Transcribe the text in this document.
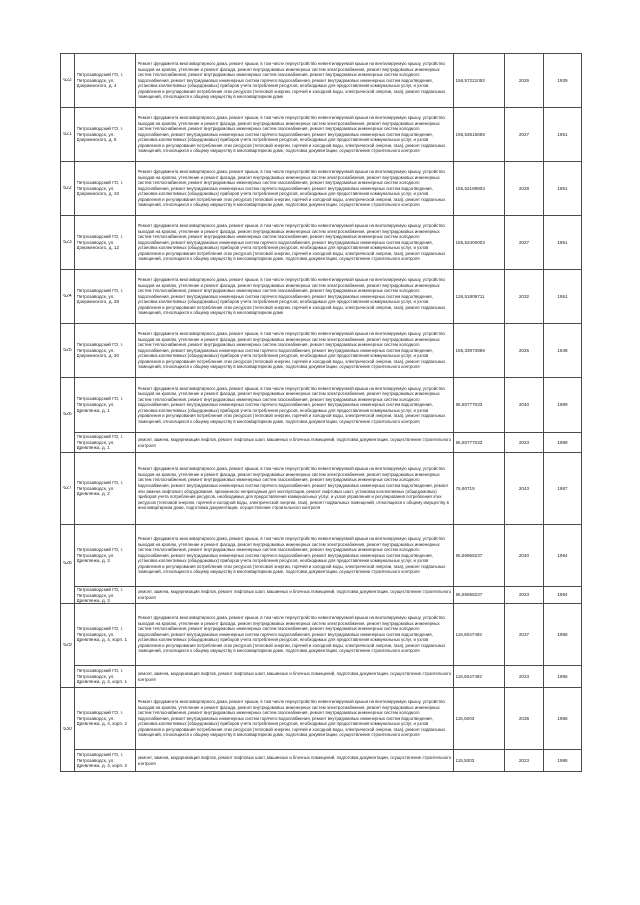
622	Петрозаводский ГО, г. Петрозаводск, ул. Дзержинского, д. 4	Ремонт фундамента многоквартирного дома, ремонт крыши, в том числе переустройство невентилируемой крыши на вентилируемую крышу, устройство выходов на кровлю, утепление и ремонт фасада, ремонт внутридомовых инженерных систем электроснабжения, ремонт внутридомовых инженерных систем теплоснабжения, ремонт внутридомовых инженерных систем газоснабжения, ремонт внутридомовых инженерных систем холодного водоснабжения, ремонт внутридомовых инженерных систем горячего водоснабжения, ремонт внутридомовых инженерных систем водоотведения, установка коллективных (общедомовых) приборов учета потребления ресурсов, необходимых для предоставления коммунальных услуг, и узлов управления и регулирования потребления этих ресурсов (тепловой энергии, горячей и холодной воды, электрической энергии, газа), ремонт подвальных помещений, относящихся к общему имуществу в многоквартирном доме	156,57221092	2026	1939

621	Петрозаводский ГО, г. Петрозаводск, ул. Дзержинского, д. 6	Ремонт фундамента многоквартирного дома, ремонт крыши, в том числе переустройство невентилируемой крыши на вентилируемую крышу, устройство выходов на кровлю, утепление и ремонт фасада, ремонт внутридомовых инженерных систем электроснабжения, ремонт внутридомовых инженерных систем теплоснабжения, ремонт внутридомовых инженерных систем газоснабжения, ремонт внутридомовых инженерных систем холодного водоснабжения, ремонт внутридомовых инженерных систем горячего водоснабжения, ремонт внутридомовых инженерных систем водоотведения, установка коллективных (общедомовых) приборов учета потребления ресурсов, необходимых для предоставления коммунальных услуг, и узлов управления и регулирования потребления этих ресурсов (тепловой энергии, горячей и холодной воды, электрической энергии, газа), ремонт подвальных помещений, относящихся к общему имуществу в многоквартирном доме, подготовка документации, осуществление строительного контроля	156,53616659	2027	1951

622	Петрозаводский ГО, г. Петрозаводск, ул. Дзержинского, д. 10	Ремонт фундамента многоквартирного дома, ремонт крыши, в том числе переустройство невентилируемой крыши на вентилируемую крышу, устройство выходов на кровлю, утепление и ремонт фасада, ремонт внутридомовых инженерных систем электроснабжения, ремонт внутридомовых инженерных систем теплоснабжения, ремонт внутридомовых инженерных систем газоснабжения, ремонт внутридомовых инженерных систем холодного водоснабжения, ремонт внутридомовых инженерных систем горячего водоснабжения, ремонт внутридомовых инженерных систем водоотведения, установка коллективных (общедомовых) приборов учета потребления ресурсов, необходимых для предоставления коммунальных услуг, и узлов управления и регулирования потребления этих ресурсов (тепловой энергии, горячей и холодной воды, электрической энергии, газа), ремонт подвальных помещений, относящихся к общему имуществу в многоквартирном доме, подготовка документации, осуществление строительного контроля	156,52189803	2028	1951

623	Петрозаводский ГО, г. Петрозаводск, ул. Дзержинского, д. 12	Ремонт фундамента многоквартирного дома, ремонт крыши, в том числе переустройство невентилируемой крыши на вентилируемую крышу, устройство выходов на кровлю, утепление и ремонт фасада, ремонт внутридомовых инженерных систем электроснабжения, ремонт внутридомовых инженерных систем теплоснабжения, ремонт внутридомовых инженерных систем газоснабжения, ремонт внутридомовых инженерных систем холодного водоснабжения, ремонт внутридомовых инженерных систем горячего водоснабжения, ремонт внутридомовых инженерных систем водоотведения, установка коллективных (общедомовых) приборов учета потребления ресурсов, необходимых для предоставления коммунальных услуг, и узлов управления и регулирования потребления этих ресурсов (тепловой энергии, горячей и холодной воды, электрической энергии, газа), ремонт подвальных помещений, относящихся к общему имуществу в многоквартирном доме, подготовка документации, осуществление строительного контроля	155,52400003	2027	1951

624	Петрозаводский ГО, г. Петрозаводск, ул. Дзержинского, д. 28	Ремонт фундамента многоквартирного дома, ремонт крыши, в том числе переустройство невентилируемой крыши на вентилируемую крышу, устройство выходов на кровлю, утепление и ремонт фасада, ремонт внутридомовых инженерных систем электроснабжения, ремонт внутридомовых инженерных систем теплоснабжения, ремонт внутридомовых инженерных систем газоснабжения, ремонт внутридомовых инженерных систем холодного водоснабжения, ремонт внутридомовых инженерных систем горячего водоснабжения, ремонт внутридомовых инженерных систем водоотведения, установка коллективных (общедомовых) приборов учета потребления ресурсов, необходимых для предоставления коммунальных услуг, и узлов управления и регулирования потребления этих ресурсов (тепловой энергии, горячей и холодной воды, электрической энергии, газа), ремонт подвальных помещений, относящихся к общему имуществу в многоквартирном доме	126,51809711	2032	1951

625	Петрозаводский ГО, г. Петрозаводск, ул. Дзержинского, д. 30	Ремонт фундамента многоквартирного дома, ремонт крыши, в том числе переустройство невентилируемой крыши на вентилируемую крышу, устройство выходов на кровлю, утепление и ремонт фасада, ремонт внутридомовых инженерных систем электроснабжения, ремонт внутридомовых инженерных систем теплоснабжения, ремонт внутридомовых инженерных систем газоснабжения, ремонт внутридомовых инженерных систем холодного водоснабжения, ремонт внутридомовых инженерных систем горячего водоснабжения, ремонт внутридомовых инженерных систем водоотведения, установка коллективных (общедомовых) приборов учета потребления ресурсов, необходимых для предоставления коммунальных услуг, и узлов управления и регулирования потребления этих ресурсов (тепловой энергии, горячей и холодной воды, электрической энергии, газа), ремонт подвальных помещений, относящихся к общему имуществу в многоквартирном доме, подготовка документации, осуществление строительного контроля	155,33973969	2025	1948

626	Петрозаводский ГО, г. Петрозаводск, ул. Древлянка, д. 1	Ремонт фундамента многоквартирного дома, ремонт крыши, в том числе переустройство невентилируемой крыши на вентилируемую крышу, устройство выходов на кровлю, утепление и ремонт фасада, ремонт внутридомовых инженерных систем электроснабжения, ремонт внутридомовых инженерных систем теплоснабжения, ремонт внутридомовых инженерных систем газоснабжения, ремонт внутридомовых инженерных систем холодного водоснабжения, ремонт внутридомовых инженерных систем горячего водоснабжения, ремонт внутридомовых инженерных систем водоотведения, установка коллективных (общедомовых) приборов учета потребления ресурсов, необходимых для предоставления коммунальных услуг, и узлов управления и регулирования потребления этих ресурсов (тепловой энергии, горячей и холодной воды, электрической энергии, газа), ремонт подвальных помещений, относящихся к общему имуществу в многоквартирном доме, подготовка документации, осуществление строительного контроля	95,50777033	2040	1989

	Петрозаводский ГО, г. Петрозаводск, ул. Древлянка, д. 1	ремонт, замена, модернизация лифтов, ремонт лифтовых шахт, машинных и блочных помещений, подготовка документации, осуществление строительного контроля	95,50777033	2023	1989

627	Петрозаводский ГО, г. Петрозаводск, ул. Древлянка, д. 2	Ремонт фундамента многоквартирного дома, ремонт крыши, в том числе переустройство невентилируемой крыши на вентилируемую крышу, устройство выходов на кровлю, утепление и ремонт фасада, ремонт внутридомовых инженерных систем электроснабжения, ремонт внутридомовых инженерных систем теплоснабжения, ремонт внутридомовых инженерных систем газоснабжения, ремонт внутридомовых инженерных систем холодного водоснабжения, ремонт внутридомовых инженерных систем горячего водоснабжения, ремонт внутридомовых инженерных систем водоотведения, ремонт или замена лифтового оборудования, признанного непригодным для эксплуатации, ремонт лифтовых шахт, установка коллективных (общедомовых) приборов учета потребления ресурсов, необходимых для предоставления коммунальных услуг, и узлов управления и регулирования потребления этих ресурсов (тепловой энергии, горячей и холодной воды, электрической энергии, газа), ремонт подвальных помещений, относящихся к общему имуществу в многоквартирном доме, подготовка документации, осуществление строительного контроля	76,90719	2043	1987

628	Петрозаводский ГО, г. Петрозаводск, ул. Древлянка, д. 3	Ремонт фундамента многоквартирного дома, ремонт крыши, в том числе переустройство невентилируемой крыши на вентилируемую крышу, устройство выходов на кровлю, утепление и ремонт фасада, ремонт внутридомовых инженерных систем электроснабжения, ремонт внутридомовых инженерных систем теплоснабжения, ремонт внутридомовых инженерных систем газоснабжения, ремонт внутридомовых инженерных систем холодного водоснабжения, ремонт внутридомовых инженерных систем горячего водоснабжения, ремонт внутридомовых инженерных систем водоотведения, установка коллективных (общедомовых) приборов учета потребления ресурсов, необходимых для предоставления коммунальных услуг, и узлов управления и регулирования потребления этих ресурсов (тепловой энергии, горячей и холодной воды, электрической энергии, газа), ремонт подвальных помещений, относящихся к общему имуществу в многоквартирном доме, подготовка документации, осуществление строительного контроля	95,56958237	2040	1994

	Петрозаводский ГО, г. Петрозаводск, ул. Древлянка, д. 3	ремонт, замена, модернизация лифтов, ремонт лифтовых шахт, машинных и блочных помещений, подготовка документации, осуществление строительного контроля	95,56958237	2023	1994

629	Петрозаводский ГО, г. Петрозаводск, ул. Древлянка, д. 4, корп. 1	Ремонт фундамента многоквартирного дома, ремонт крыши, в том числе переустройство невентилируемой крыши на вентилируемую крышу, устройство выходов на кровлю, утепление и ремонт фасада, ремонт внутридомовых инженерных систем электроснабжения, ремонт внутридомовых инженерных систем теплоснабжения, ремонт внутридомовых инженерных систем газоснабжения, ремонт внутридомовых инженерных систем холодного водоснабжения, ремонт внутридомовых инженерных систем горячего водоснабжения, ремонт внутридомовых инженерных систем водоотведения, установка коллективных (общедомовых) приборов учета потребления ресурсов, необходимых для предоставления коммунальных услуг, и узлов управления и регулирования потребления этих ресурсов (тепловой энергии, горячей и холодной воды, электрической энергии, газа), ремонт подвальных помещений, относящихся к общему имуществу в многоквартирном доме, подготовка документации, осуществление строительного контроля	116,5047492	2037	1986

	Петрозаводский ГО, г. Петрозаводск, ул. Древлянка, д. 4, корп. 1	ремонт, замена, модернизация лифтов, ремонт лифтовых шахт, машинных и блочных помещений, подготовка документации, осуществление строительного контроля	116,5047492	2023	1986

630	Петрозаводский ГО, г. Петрозаводск, ул. Древлянка, д. 4, корп. 2	Ремонт фундамента многоквартирного дома, ремонт крыши, в том числе переустройство невентилируемой крыши на вентилируемую крышу, устройство выходов на кровлю, утепление и ремонт фасада, ремонт внутридомовых инженерных систем электроснабжения, ремонт внутридомовых инженерных систем теплоснабжения, ремонт внутридомовых инженерных систем газоснабжения, ремонт внутридомовых инженерных систем холодного водоснабжения, ремонт внутридомовых инженерных систем горячего водоснабжения, ремонт внутридомовых инженерных систем водоотведения, установка коллективных (общедомовых) приборов учета потребления ресурсов, необходимых для предоставления коммунальных услуг, и узлов управления и регулирования потребления этих ресурсов (тепловой энергии, горячей и холодной воды, электрической энергии, газа), ремонт подвальных помещений, относящихся к общему имуществу в многоквартирном доме, подготовка документации, осуществление строительного контроля	115,5003	2036	1986

	Петрозаводский ГО, г. Петрозаводск, ул. Древлянка, д. 4, корп. 2	ремонт, замена, модернизация лифтов, ремонт лифтовых шахт, машинных и блочных помещений, подготовка документации, осуществление строительного контроля	115,5003	2023	1986
